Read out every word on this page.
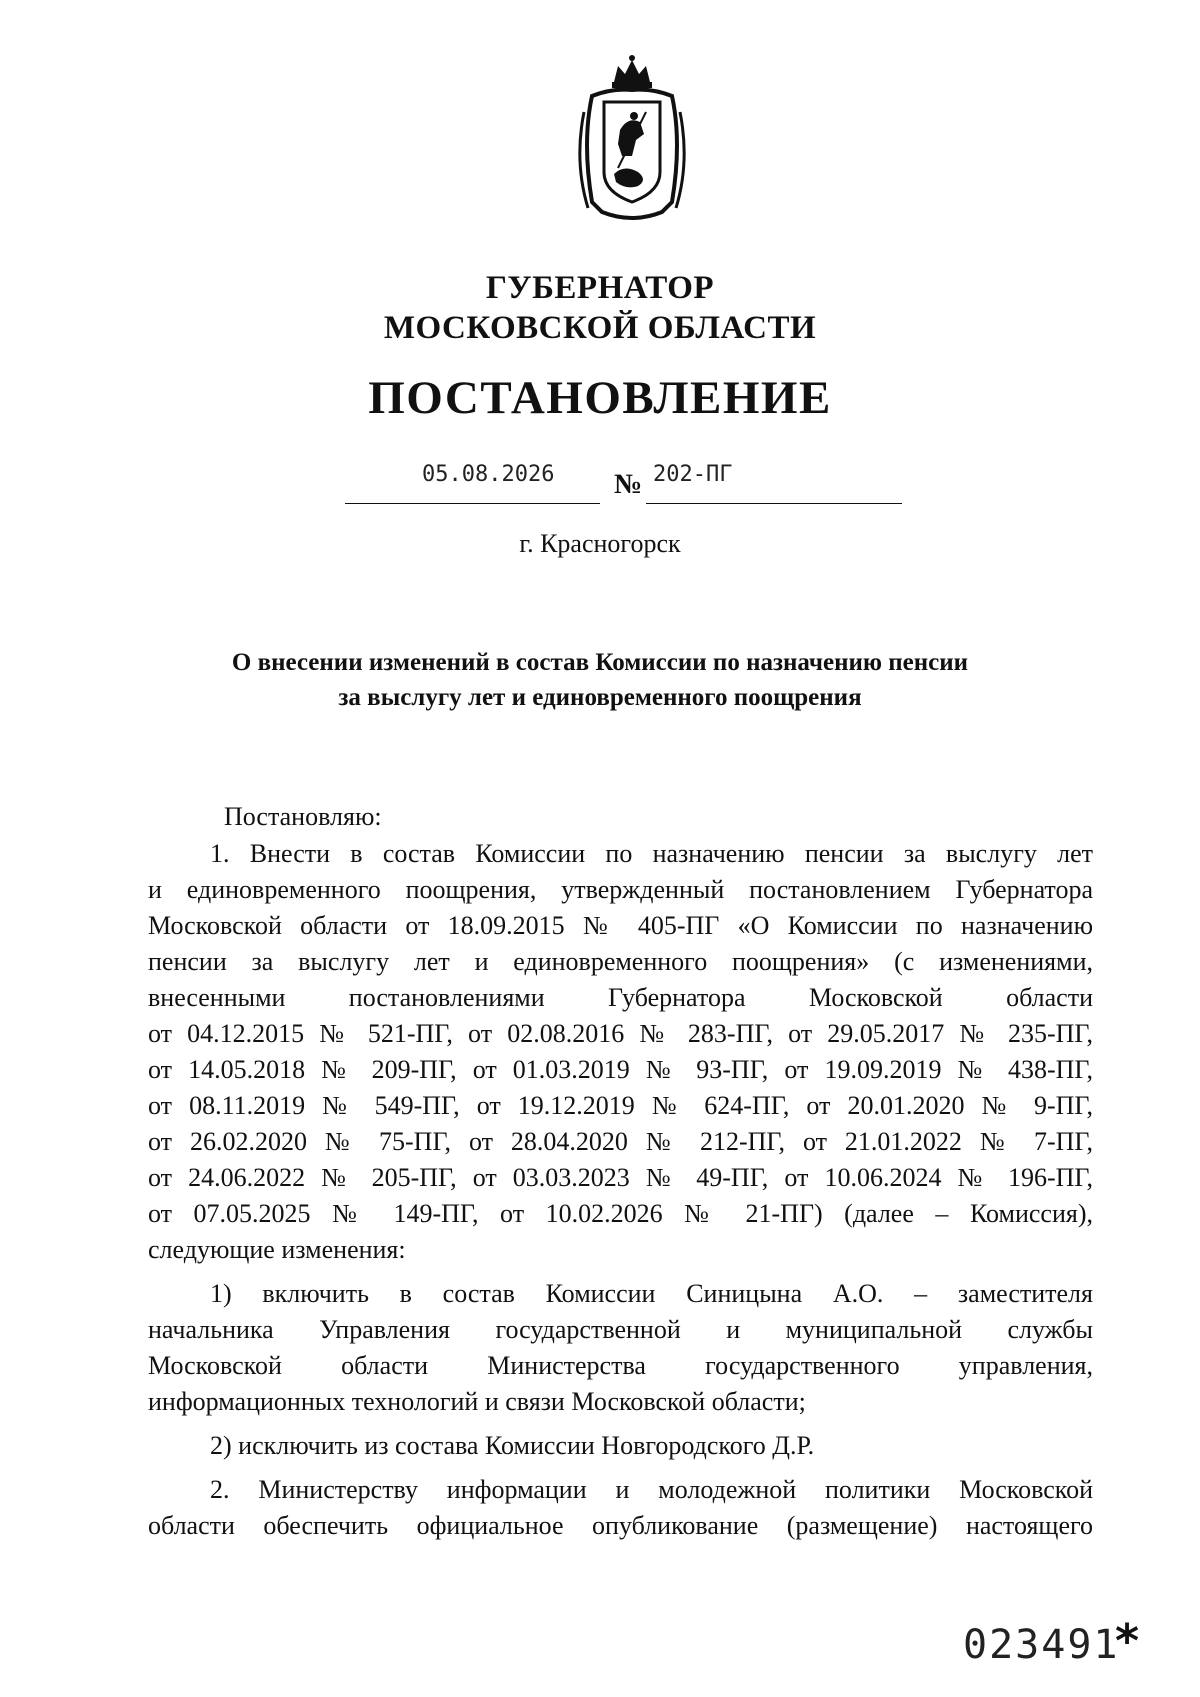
ГУБЕРНАТОР
МОСКОВСКОЙ ОБЛАСТИ
ПОСТАНОВЛЕНИЕ
05.08.2026 № 202-ПГ
г. Красногорск
О внесении изменений в состав Комиссии по назначению пенсии
за выслугу лет и единовременного поощрения
Постановляю:
1. Внести в состав Комиссии по назначению пенсии за выслугу лет
и единовременного поощрения, утвержденный постановлением Губернатора
Московской области от 18.09.2015 № 405-ПГ «О Комиссии по назначению
пенсии за выслугу лет и единовременного поощрения» (с изменениями,
внесенными постановлениями Губернатора Московской области
от 04.12.2015 № 521-ПГ, от 02.08.2016 № 283-ПГ, от 29.05.2017 № 235-ПГ,
от 14.05.2018 № 209-ПГ, от 01.03.2019 № 93-ПГ, от 19.09.2019 № 438-ПГ,
от 08.11.2019 № 549-ПГ, от 19.12.2019 № 624-ПГ, от 20.01.2020 № 9-ПГ,
от 26.02.2020 № 75-ПГ, от 28.04.2020 № 212-ПГ, от 21.01.2022 № 7-ПГ,
от 24.06.2022 № 205-ПГ, от 03.03.2023 № 49-ПГ, от 10.06.2024 № 196-ПГ,
от 07.05.2025 № 149-ПГ, от 10.02.2026 № 21-ПГ) (далее – Комиссия),
следующие изменения:
1) включить в состав Комиссии Синицына А.О. – заместителя
начальника Управления государственной и муниципальной службы
Московской области Министерства государственного управления,
информационных технологий и связи Московской области;
2) исключить из состава Комиссии Новгородского Д.Р.
2. Министерству информации и молодежной политики Московской
области обеспечить официальное опубликование (размещение) настоящего
023491
*
